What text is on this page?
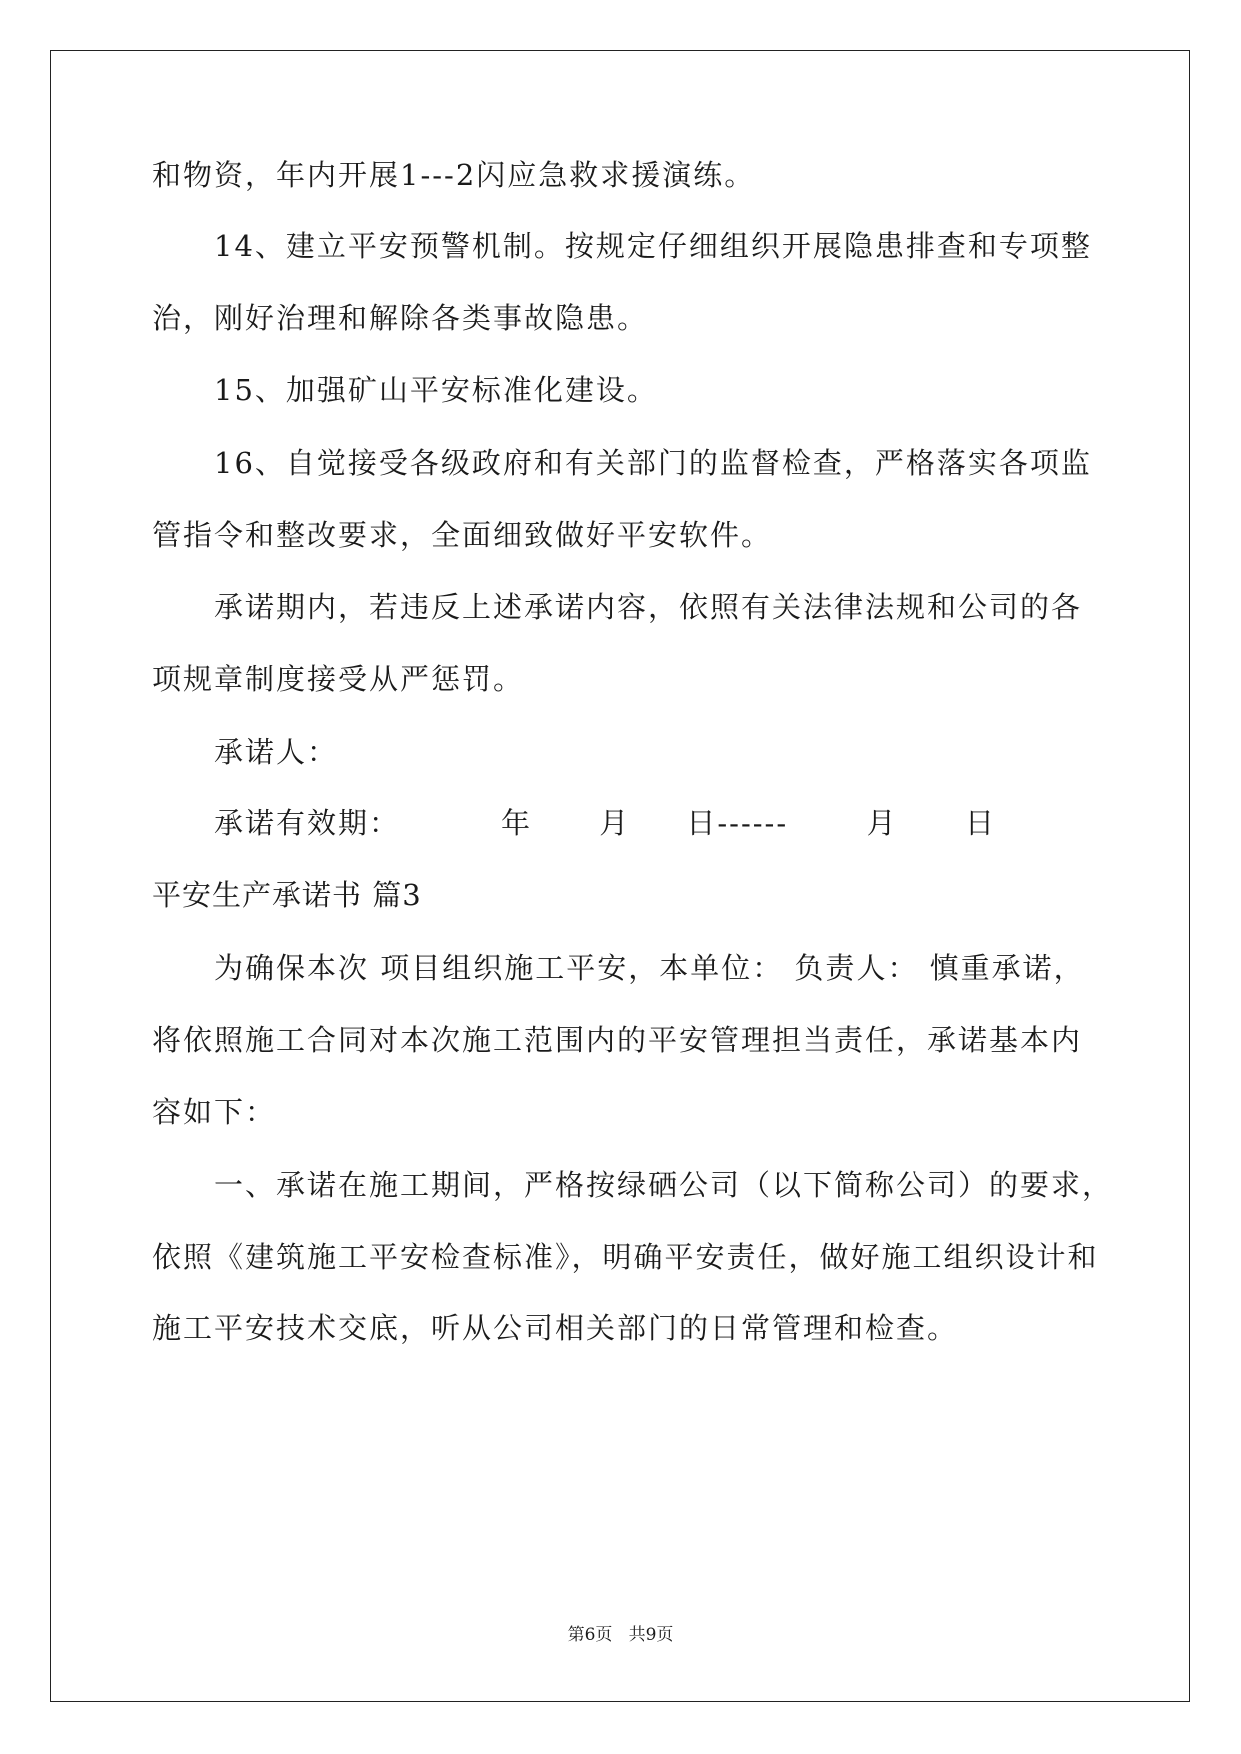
和物资，年内开展1---2闪应急救求援演练。
14、建立平安预警机制。按规定仔细组织开展隐患排查和专项整
治，刚好治理和解除各类事故隐患。
15、加强矿山平安标准化建设。
16、自觉接受各级政府和有关部门的监督检查，严格落实各项监
管指令和整改要求，全面细致做好平安软件。
承诺期内，若违反上述承诺内容，依照有关法律法规和公司的各
项规章制度接受从严惩罚。
承诺人：
承诺有效期：         年      月     日------       月      日
平安生产承诺书 篇3
为确保本次 项目组织施工平安，本单位： 负责人： 慎重承诺，
将依照施工合同对本次施工范围内的平安管理担当责任，承诺基本内
容如下：
一、承诺在施工期间，严格按绿硒公司（以下简称公司）的要求，
依照《建筑施工平安检查标准》，明确平安责任，做好施工组织设计和
施工平安技术交底，听从公司相关部门的日常管理和检查。
第6页   共9页
